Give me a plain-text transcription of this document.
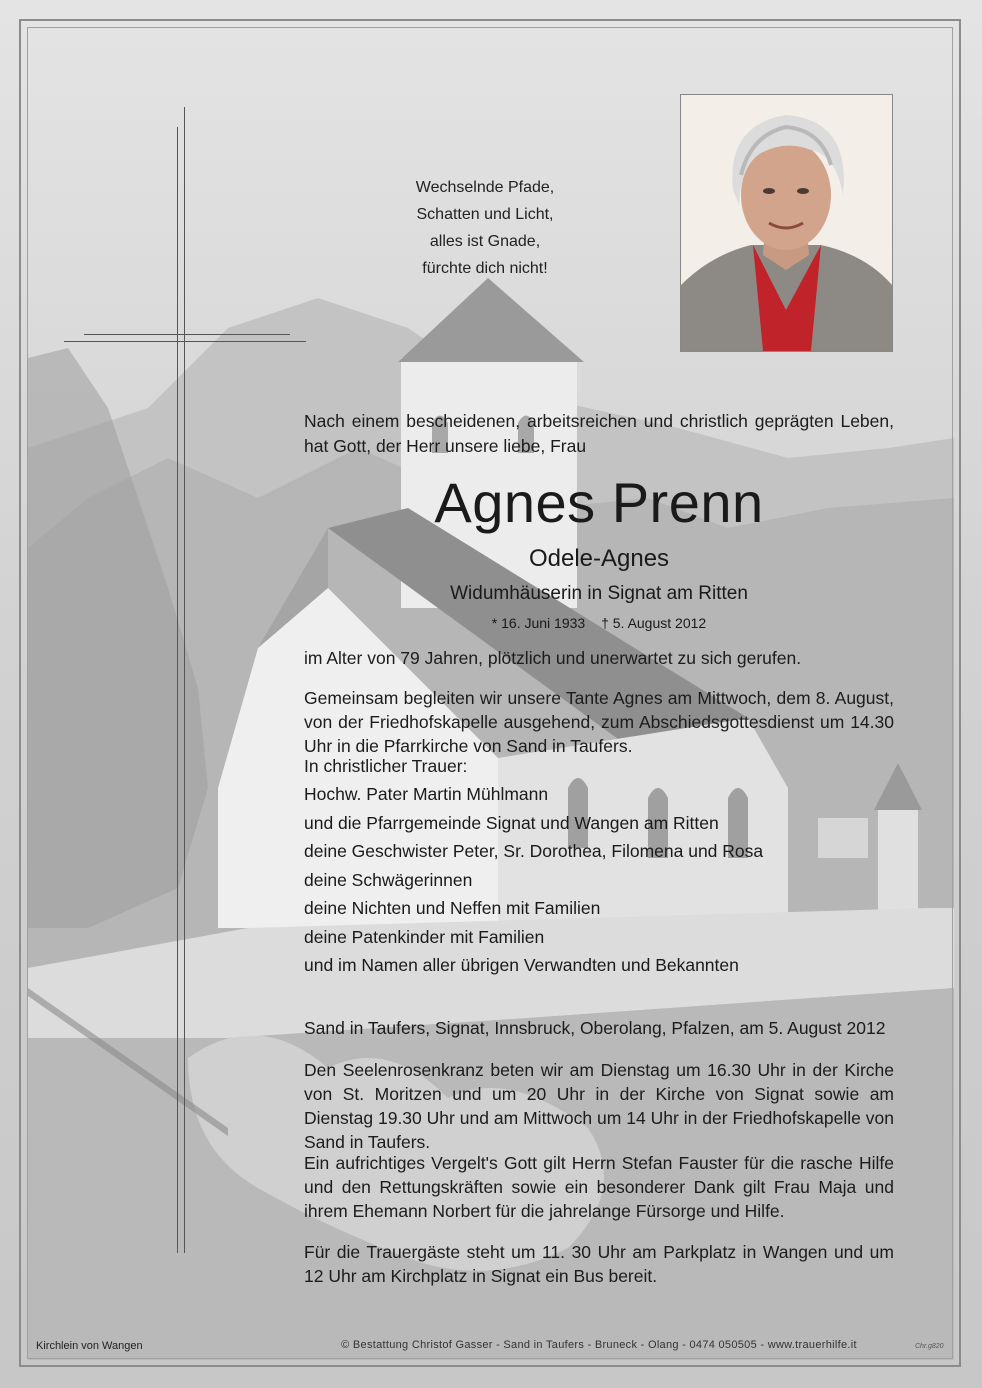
Wechselnde Pfade,
Schatten und Licht,
alles ist Gnade,
fürchte dich nicht!
Nach einem bescheidenen, arbeitsreichen und christlich geprägten Leben, hat Gott, der Herr unsere liebe, Frau
Agnes Prenn
Odele-Agnes
Widumhäuserin in Signat am Ritten
* 16. Juni 1933 † 5. August 2012
im Alter von 79 Jahren, plötzlich und unerwartet zu sich gerufen.
Gemeinsam begleiten wir unsere Tante Agnes am Mittwoch, dem 8. August, von der Friedhofskapelle ausgehend, zum Abschiedsgottesdienst um 14.30 Uhr in die Pfarrkirche von Sand in Taufers.
In christlicher Trauer:
Hochw. Pater Martin Mühlmann
und die Pfarrgemeinde Signat und Wangen am Ritten
deine Geschwister Peter, Sr. Dorothea, Filomena und Rosa
deine Schwägerinnen
deine Nichten und Neffen mit Familien
deine Patenkinder mit Familien
und im Namen aller übrigen Verwandten und Bekannten
Sand in Taufers, Signat, Innsbruck, Oberolang, Pfalzen, am 5. August 2012
Den Seelenrosenkranz beten wir am Dienstag um 16.30 Uhr in der Kirche von St. Moritzen und um 20 Uhr in der Kirche von Signat sowie am Dienstag 19.30 Uhr und am Mittwoch um 14 Uhr in der Friedhofskapelle von Sand in Taufers.
Ein aufrichtiges Vergelt's Gott gilt Herrn Stefan Fauster für die rasche Hilfe und den Rettungskräften sowie ein besonderer Dank gilt Frau Maja und ihrem Ehemann Norbert für die jahrelange Fürsorge und Hilfe.
Für die Trauergäste steht um 11. 30 Uhr am Parkplatz in Wangen und um 12 Uhr am Kirchplatz in Signat ein Bus bereit.
Kirchlein von Wangen	© Bestattung Christof Gasser - Sand in Taufers - Bruneck - Olang - 0474 050505 - www.trauerhilfe.it	Chr.g820
